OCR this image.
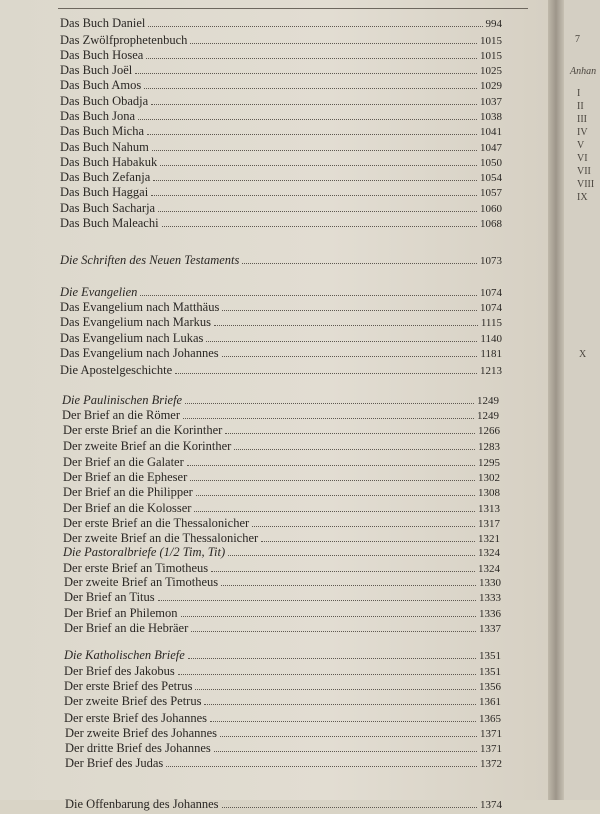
Das Buch Daniel	994
Das Zwölfprophetenbuch	1015
Das Buch Hosea	1015
Das Buch Joël	1025
Das Buch Amos	1029
Das Buch Obadja	1037
Das Buch Jona	1038
Das Buch Micha	1041
Das Buch Nahum	1047
Das Buch Habakuk	1050
Das Buch Zefanja	1054
Das Buch Haggai	1057
Das Buch Sacharja	1060
Das Buch Maleachi	1068
Die Schriften des Neuen Testaments	1073
Die Evangelien	1074
Das Evangelium nach Matthäus	1074
Das Evangelium nach Markus	1115
Das Evangelium nach Lukas	1140
Das Evangelium nach Johannes	1181
Die Apostelgeschichte	1213
Die Paulinischen Briefe	1249
Der Brief an die Römer	1249
Der erste Brief an die Korinther	1266
Der zweite Brief an die Korinther	1283
Der Brief an die Galater	1295
Der Brief an die Epheser	1302
Der Brief an die Philipper	1308
Der Brief an die Kolosser	1313
Der erste Brief an die Thessalonicher	1317
Der zweite Brief an die Thessalonicher	1321
Die Pastoralbriefe (1/2 Tim, Tit)	1324
Der erste Brief an Timotheus	1324
Der zweite Brief an Timotheus	1330
Der Brief an Titus	1333
Der Brief an Philemon	1336
Der Brief an die Hebräer	1337
Die Katholischen Briefe	1351
Der Brief des Jakobus	1351
Der erste Brief des Petrus	1356
Der zweite Brief des Petrus	1361
Der erste Brief des Johannes	1365
Der zweite Brief des Johannes	1371
Der dritte Brief des Johannes	1371
Der Brief des Judas	1372
Die Offenbarung des Johannes	1374
7
Anhan
I
II
III
IV
V
VI
VII
VIII
IX
X
